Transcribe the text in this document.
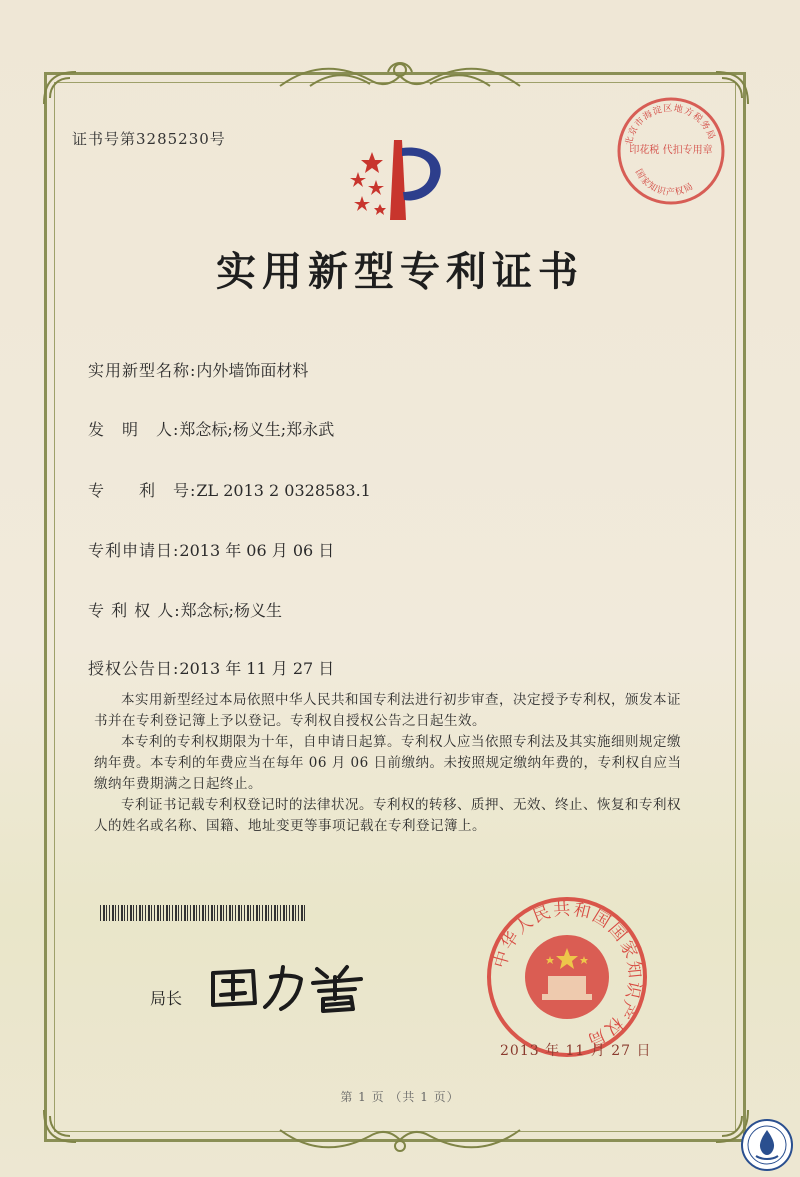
证书号第3285230号
实用新型专利证书
实用新型名称:内外墙饰面材料
发　明　人:郑念标;杨义生;郑永武
专　　利　号:ZL 2013 2 0328583.1
专利申请日:2013 年 06 月 06 日
专 利 权 人:郑念标;杨义生
授权公告日:2013 年 11 月 27 日

本实用新型经过本局依照中华人民共和国专利法进行初步审查，决定授予专利权，颁发本证书并在专利登记簿上予以登记。专利权自授权公告之日起生效。

本专利的专利权期限为十年，自申请日起算。专利权人应当依照专利法及其实施细则规定缴纳年费。本专利的年费应当在每年 06 月 06 日前缴纳。未按照规定缴纳年费的，专利权自应当缴纳年费期满之日起终止。

专利证书记载专利权登记时的法律状况。专利权的转移、质押、无效、终止、恢复和专利权人的姓名或名称、国籍、地址变更等事项记载在专利登记簿上。

局长
中华人民共和国国家知识产权局
2013 年 11 月 27 日
北京市海淀区地方税务局
印花税 代扣专用章
国家知识产权局
第 1 页 （共 1 页）
